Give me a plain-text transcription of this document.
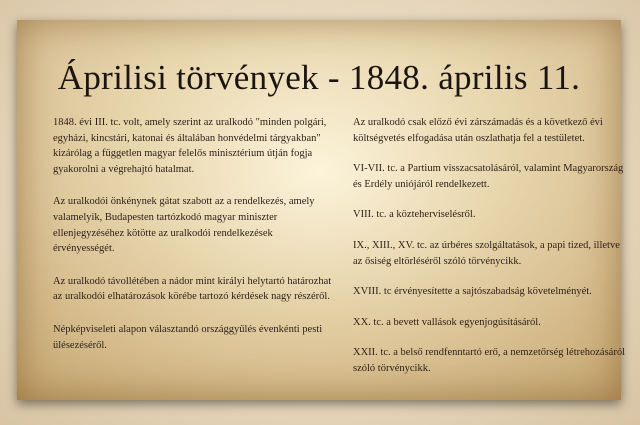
Áprilisi törvények - 1848. április 11.

1848. évi III. tc. volt, amely szerint az uralkodó "minden polgári, egyházi, kincstári, katonai és általában honvédelmi tárgyakban" kizárólag a független magyar felelős minisztérium útján fogja gyakorolni a végrehajtó hatalmat.

Az uralkodói önkénynek gátat szabott az a rendelkezés, amely valamelyik, Budapesten tartózkodó magyar miniszter ellenjegyzéséhez kötötte az uralkodói rendelkezések érvényességét.

Az uralkodó távollétében a nádor mint királyi helytartó határozhat az uralkodói elhatározások körébe tartozó kérdések nagy részéről.

Népképviseleti alapon választandó országgyűlés évenkénti pesti ülésezéséről.

Az uralkodó csak előző évi zárszámadás és a következő évi költségvetés elfogadása után oszlathatja fel a testületet.

VI-VII. tc. a Partium visszacsatolásáról, valamint Magyarország és Erdély uniójáról rendelkezett.

VIII. tc. a közteherviselésről.

IX., XIII., XV. tc. az úrbéres szolgáltatások, a papi tized, illetve az ősiség eltörléséről szóló törvénycikk.

XVIII. tc érvényesítette a sajtószabadság követelményét.

XX. tc. a bevett vallások egyenjogúsításáról.

XXII. tc. a belső rendfenntartó erő, a nemzetőrség létrehozásáról szóló törvénycikk.
